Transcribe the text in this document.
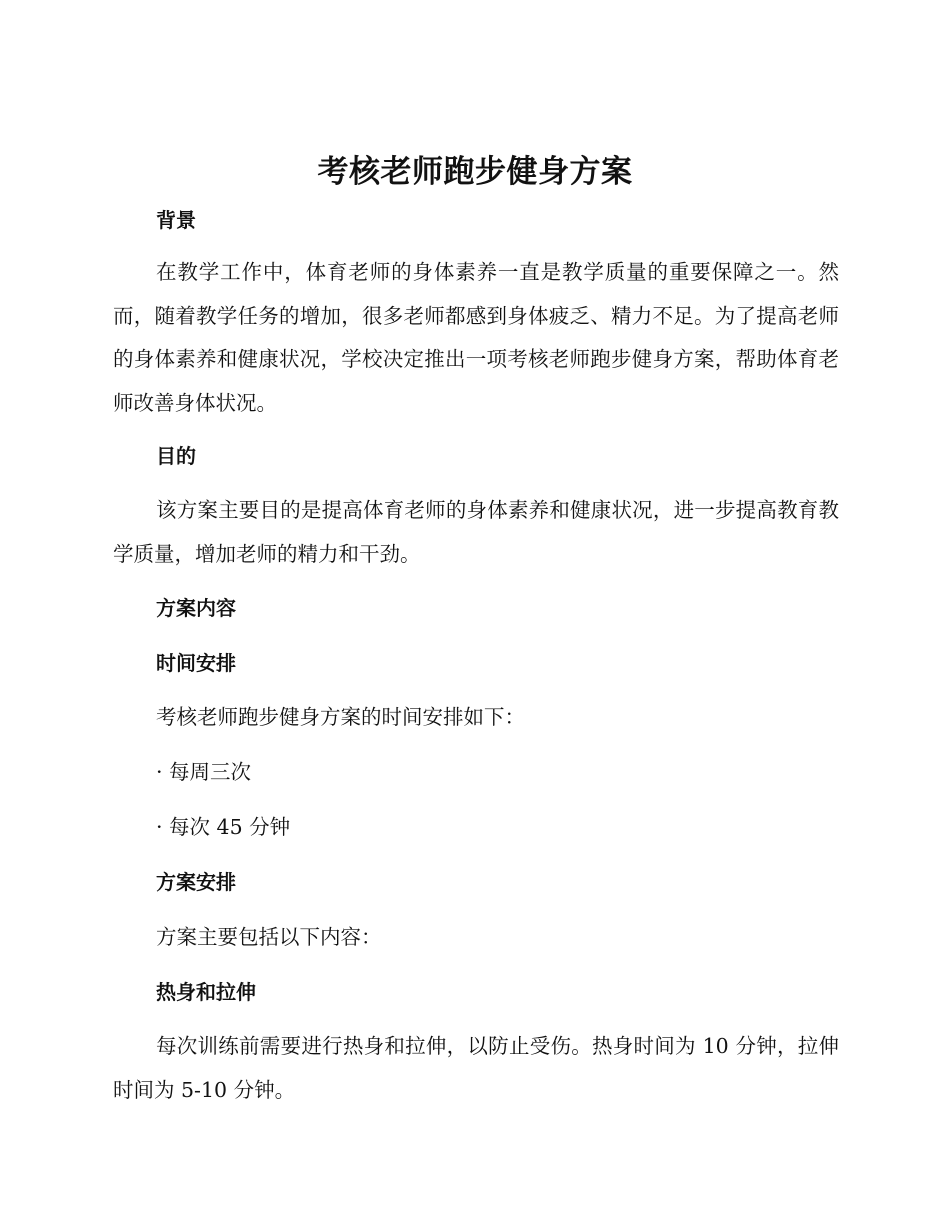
考核老师跑步健身方案
背景

在教学工作中，体育老师的身体素养一直是教学质量的重要保障之一。然而，随着教学任务的增加，很多老师都感到身体疲乏、精力不足。为了提高老师的身体素养和健康状况，学校决定推出一项考核老师跑步健身方案，帮助体育老师改善身体状况。

目的

该方案主要目的是提高体育老师的身体素养和健康状况，进一步提高教育教学质量，增加老师的精力和干劲。

方案内容
时间安排
考核老师跑步健身方案的时间安排如下：
· 每周三次
· 每次 45 分钟
方案安排
方案主要包括以下内容：
热身和拉伸

每次训练前需要进行热身和拉伸，以防止受伤。热身时间为 10 分钟，拉伸时间为 5-10 分钟。
